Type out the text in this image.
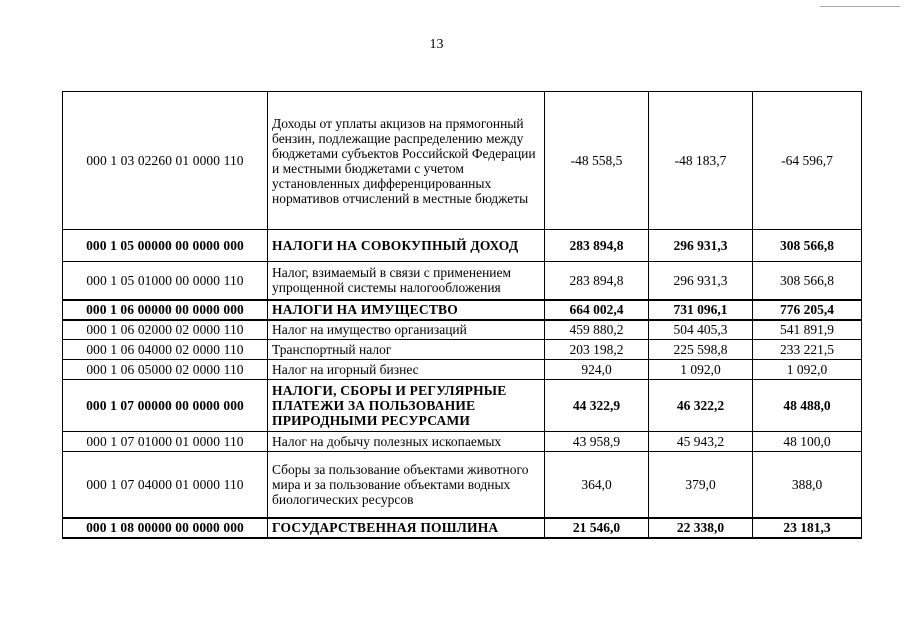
13
000 1 03 02260 01 0000 110	Доходы от уплаты акцизов на прямогонный бензин, подлежащие распределению между бюджетами субъектов Российской Федерации и местными бюджетами с учетом установленных дифференцированных нормативов отчислений в местные бюджеты	-48 558,5	-48 183,7	-64 596,7
000 1 05 00000 00 0000 000	НАЛОГИ НА СОВОКУПНЫЙ ДОХОД	283 894,8	296 931,3	308 566,8
000 1 05 01000 00 0000 110	Налог, взимаемый в связи с применением упрощенной системы налогообложения	283 894,8	296 931,3	308 566,8
000 1 06 00000 00 0000 000	НАЛОГИ НА ИМУЩЕСТВО	664 002,4	731 096,1	776 205,4
000 1 06 02000 02 0000 110	Налог на имущество организаций	459 880,2	504 405,3	541 891,9
000 1 06 04000 02 0000 110	Транспортный налог	203 198,2	225 598,8	233 221,5
000 1 06 05000 02 0000 110	Налог на игорный бизнес	924,0	1 092,0	1 092,0
000 1 07 00000 00 0000 000	НАЛОГИ, СБОРЫ И РЕГУЛЯРНЫЕ ПЛАТЕЖИ ЗА ПОЛЬЗОВАНИЕ ПРИРОДНЫМИ РЕСУРСАМИ	44 322,9	46 322,2	48 488,0
000 1 07 01000 01 0000 110	Налог на добычу полезных ископаемых	43 958,9	45 943,2	48 100,0
000 1 07 04000 01 0000 110	Сборы за пользование объектами животного мира и за пользование объектами водных биологических ресурсов	364,0	379,0	388,0
000 1 08 00000 00 0000 000	ГОСУДАРСТВЕННАЯ ПОШЛИНА	21 546,0	22 338,0	23 181,3
